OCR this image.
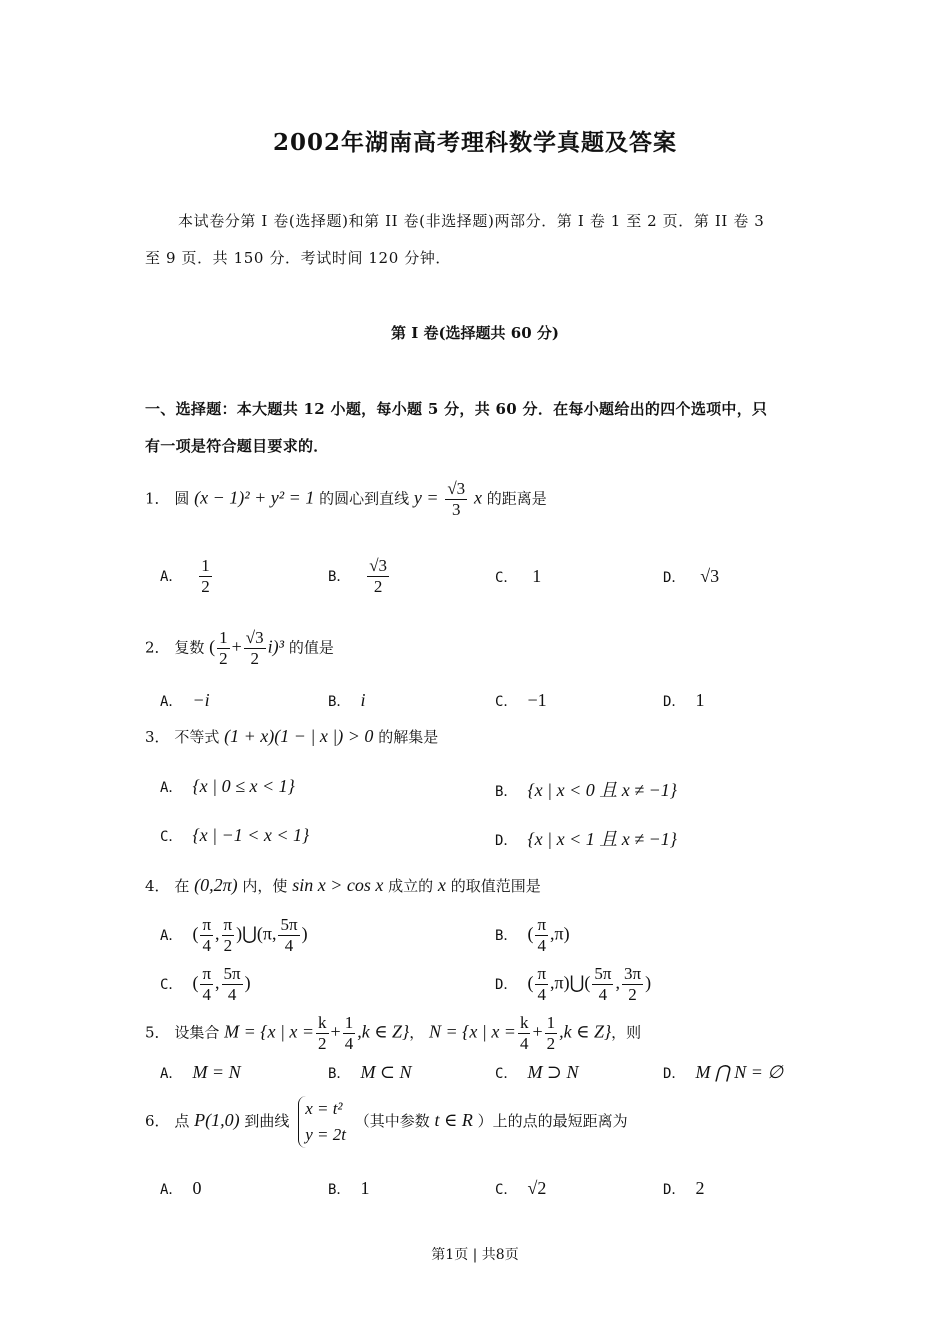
2002年湖南高考理科数学真题及答案
本试卷分第 I 卷(选择题)和第 II 卷(非选择题)两部分．第 I 卷 1 至 2 页．第 II 卷 3
至 9 页．共 150 分．考试时间 120 分钟．
第 I 卷(选择题共 60 分)
一、选择题：本大题共 12 小题，每小题 5 分，共 60 分．在每小题给出的四个选项中，只
有一项是符合题目要求的．
1． 圆 (x − 1)² + y² = 1 的圆心到直线 $y = \frac{√3}{3}$ x 的距离是
A． $\frac{1}{2}$	B． $\frac{√3}{2}$	C． 1	D． √3
2． 复数 ( $\frac{1}{2} + \frac{√3}{2} i)^3$ 的值是
A． −i	B． i	C． −1	D． 1
3． 不等式 (1 + x)(1 − | x |) > 0 的解集是
A． {x | 0 ≤ x < 1}	B． {x | x < 0 且 x ≠ −1}
C． {x | −1 < x < 1}	D． {x | x < 1 且 x ≠ −1}
4． 在 (0,2π) 内，使 sin x > cos x 成立的 x 的取值范围是
A． ( $\frac{\pi}{4}$ , $\frac{\pi}{2}$ )⋃(π, $\frac{5\pi}{4}$ )	B． ( $\frac{\pi}{4} ,\pi$)
C． ( $\frac{\pi}{4}$ , $\frac{5\pi}{4}$ )	D． ( $\frac{\pi}{4}$ ,π)⋃( $\frac{5\pi}{4}$ , $\frac{3\pi}{2}$ )
5． 设集合 M = {x | $x = \frac{k}{2} + \frac{1}{4} ,k$ ∈ Z}， N = {x | $x = \frac{k}{4} + \frac{1}{2} ,k$ ∈ Z}，则
A． M = N	B． M ⊂ N	C． M ⊃ N	D． M ⋂ N = ∅
6． 点 P(1,0) 到曲线
x = t²
y = 2t
（其中参数 t ∈ R ）上的点的最短距离为
A． 0	B． 1	C． √2	D． 2
第1页 | 共8页
